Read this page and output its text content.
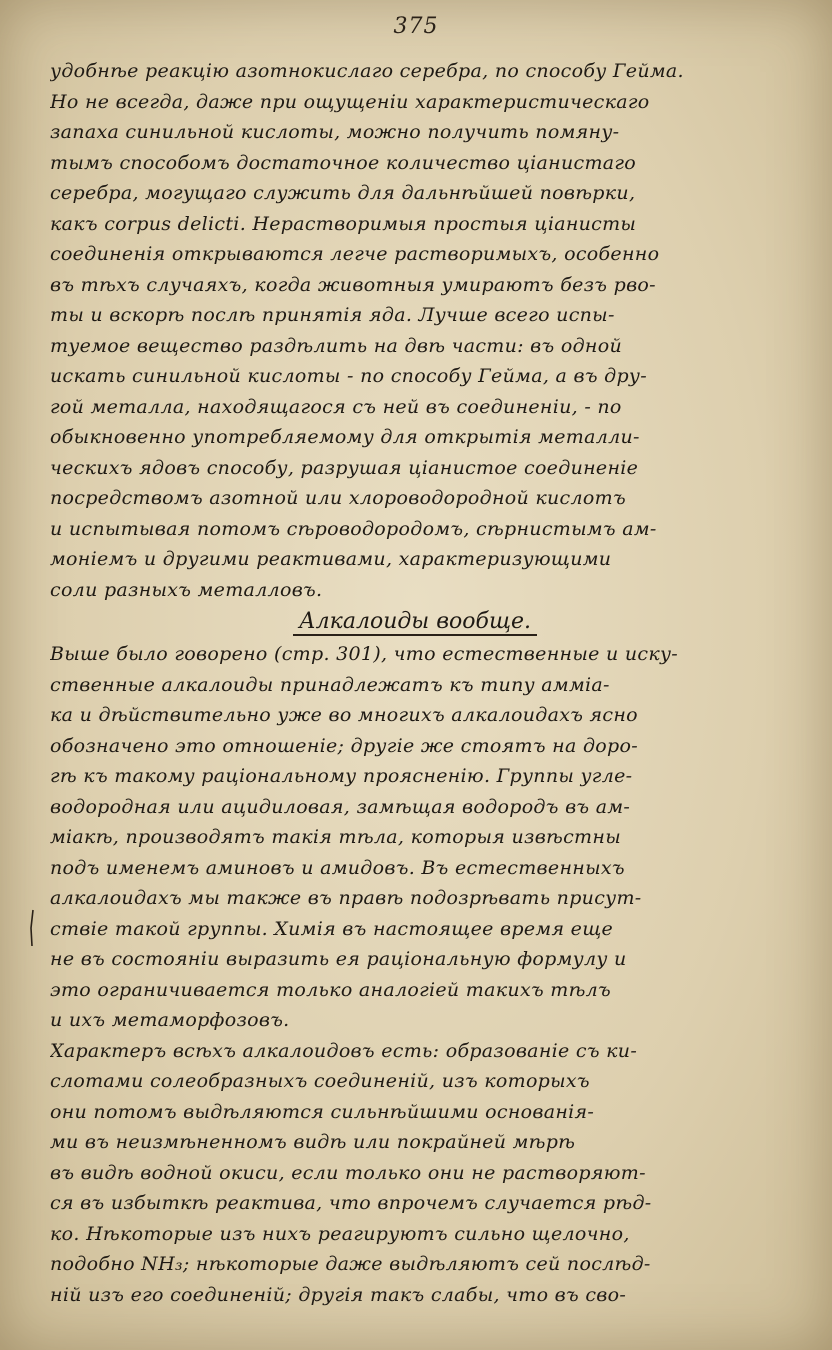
375
удобнѣе реакцію азотнокислаго серебра, по способу Гейма.
Но не всегда, даже при ощущеніи характеристическаго
запаха синильной кислоты, можно получить помяну-
тымъ способомъ достаточное количество ціанистаго
серебра, могущаго служить для дальнѣйшей повѣрки,
какъ corpus delicti. Нерастворимыя простыя ціанисты
соединенія открываются легче растворимыхъ, особенно
въ тѣхъ случаяхъ, когда животныя умираютъ безъ рво-
ты и вскорѣ послѣ принятія яда. Лучше всего испы-
туемое вещество раздѣлить на двѣ части: въ одной
искать синильной кислоты - по способу Гейма, а въ дру-
гой металла, находящагося съ ней въ соединеніи, - по
обыкновенно употребляемому для открытія металли-
ческихъ ядовъ способу, разрушая ціанистое соединеніе
посредствомъ азотной или хлороводородной кислотъ
и испытывая потомъ сѣроводородомъ, сѣрнистымъ ам-
моніемъ и другими реактивами, характеризующими
соли разныхъ металловъ.
Алкалоиды вообще.
Выше было говорено (стр. 301), что естественные и иску-
ственные алкалоиды принадлежатъ къ типу аммiа-
ка и дѣйствительно уже во многихъ алкалоидахъ ясно
обозначено это отношеніе; другіе же стоятъ на доро-
гѣ къ такому раціональному проясненію. Группы угле-
водородная или ацидиловая, замѣщая водородъ въ ам-
міакѣ, производятъ такія тѣла, которыя извѣстны
подъ именемъ аминовъ и амидовъ. Въ естественныхъ
алкалоидахъ мы также въ правѣ подозрѣвать присут-
ствіе такой группы. Химія въ настоящее время еще
не въ состояніи выразить ея раціональную формулу и
это ограничивается только аналогiей такихъ тѣлъ
и ихъ метаморфозовъ.
Характеръ всѣхъ алкалоидовъ есть: образованіе съ ки-
слотами солеобразныхъ соединеній, изъ которыхъ
они потомъ выдѣляются сильнѣйшими основанія-
ми въ неизмѣненномъ видѣ или покрайней мѣрѣ
въ видѣ водной окиси, если только они не растворяют-
ся въ избыткѣ реактива, что впрочемъ случается рѣд-
ко. Нѣкоторые изъ нихъ реагируютъ сильно щелочно,
подобно NH₃; нѣкоторые даже выдѣляютъ сей послѣд-
ній изъ его соединеній; другія такъ слабы, что въ сво-
